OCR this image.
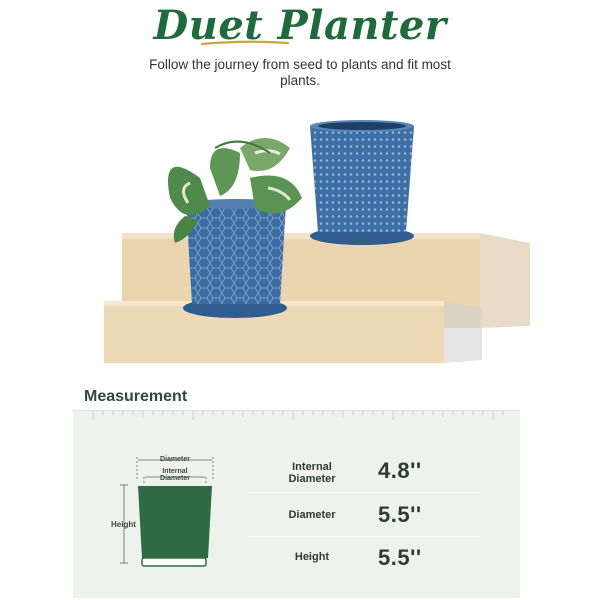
Duet Planter
Follow the journey from seed to plants and fit most plants.
Measurement
Diameter
Internal Diameter
Height
Internal Diameter	4.8''
Diameter	5.5''
Height	5.5''
